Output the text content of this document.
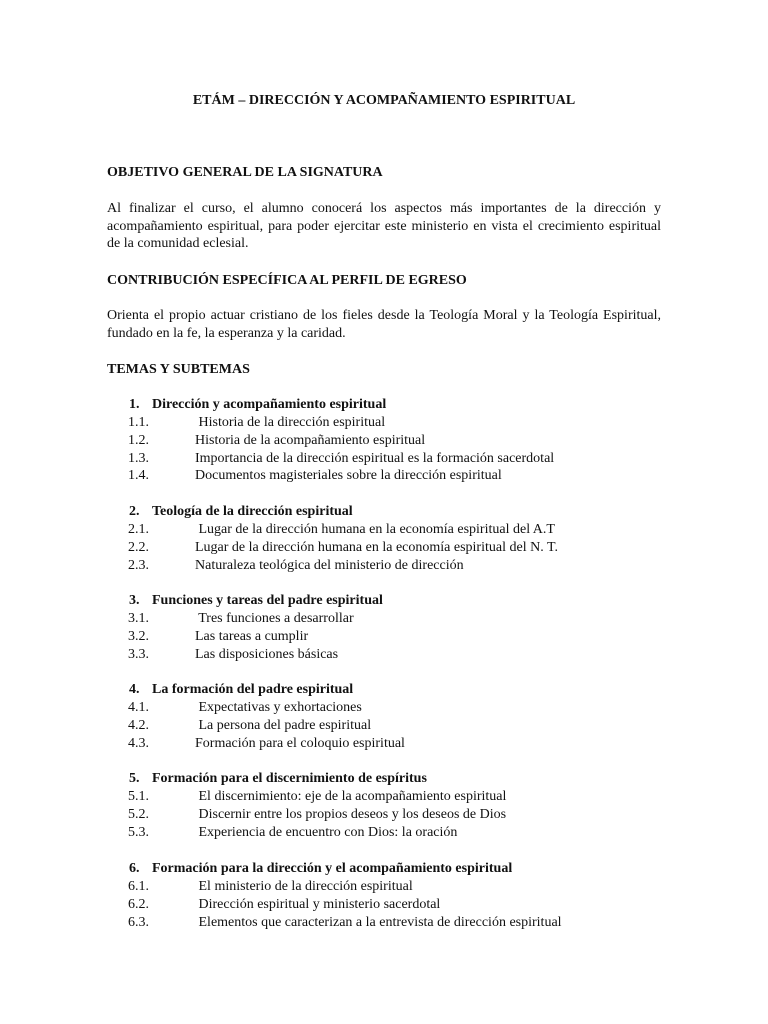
ETÁM – DIRECCIÓN Y ACOMPAÑAMIENTO ESPIRITUAL
OBJETIVO GENERAL DE LA SIGNATURA
Al finalizar el curso, el alumno conocerá los aspectos más importantes de la dirección y acompañamiento espiritual, para poder ejercitar este ministerio en vista el crecimiento espiritual de la comunidad eclesial.
CONTRIBUCIÓN ESPECÍFICA AL PERFIL DE EGRESO
Orienta el propio actuar cristiano de los fieles desde la Teología Moral y la Teología Espiritual, fundado en la fe, la esperanza y la caridad.
TEMAS Y SUBTEMAS
1. Dirección y acompañamiento espiritual
1.1.	Historia de la dirección espiritual
1.2.	Historia de la acompañamiento espiritual
1.3.	Importancia de la dirección espiritual es la formación sacerdotal
1.4.	Documentos magisteriales sobre la dirección espiritual
2. Teología de la dirección espiritual
2.1.	Lugar de la dirección humana en la economía espiritual del A.T
2.2.	Lugar de la dirección humana en la economía espiritual del N. T.
2.3.	Naturaleza teológica del ministerio de dirección
3. Funciones y tareas del padre espiritual
3.1.	Tres funciones a desarrollar
3.2.	Las tareas a cumplir
3.3.	Las disposiciones básicas
4. La formación del padre espiritual
4.1.	Expectativas y exhortaciones
4.2.	La persona del padre espiritual
4.3.	Formación para el coloquio espiritual
5. Formación para el discernimiento de espíritus
5.1.	El discernimiento: eje de la acompañamiento espiritual
5.2.	Discernir entre los propios deseos y los deseos de Dios
5.3.	Experiencia de encuentro con Dios: la oración
6. Formación para la dirección y el acompañamiento espiritual
6.1.	El ministerio de la dirección espiritual
6.2.	Dirección espiritual y ministerio sacerdotal
6.3.	Elementos que caracterizan a la entrevista de dirección espiritual
